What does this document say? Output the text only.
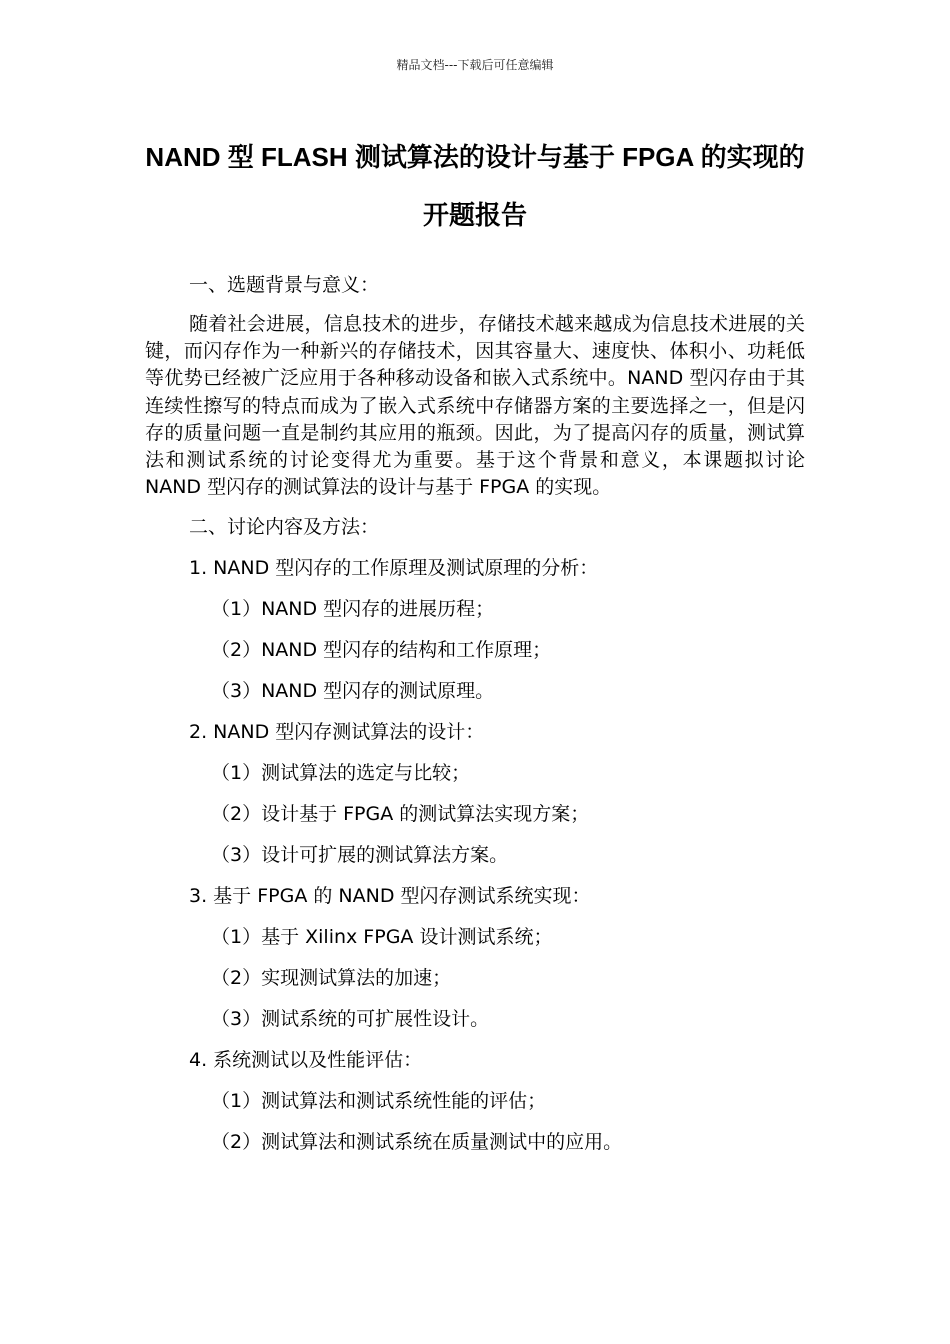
精品文档---下载后可任意编辑
NAND 型 FLASH 测试算法的设计与基于 FPGA 的实现的开题报告

一、选题背景与意义：

随着社会进展，信息技术的进步，存储技术越来越成为信息技术进展的关键，而闪存作为一种新兴的存储技术，因其容量大、速度快、体积小、功耗低等优势已经被广泛应用于各种移动设备和嵌入式系统中。NAND 型闪存由于其连续性擦写的特点而成为了嵌入式系统中存储器方案的主要选择之一，但是闪存的质量问题一直是制约其应用的瓶颈。因此，为了提高闪存的质量，测试算法和测试系统的讨论变得尤为重要。基于这个背景和意义，本课题拟讨论 NAND 型闪存的测试算法的设计与基于 FPGA 的实现。

二、讨论内容及方法：

1. NAND 型闪存的工作原理及测试原理的分析：

（1）NAND 型闪存的进展历程；

（2）NAND 型闪存的结构和工作原理；

（3）NAND 型闪存的测试原理。

2. NAND 型闪存测试算法的设计：

（1）测试算法的选定与比较；

（2）设计基于 FPGA 的测试算法实现方案；

（3）设计可扩展的测试算法方案。

3. 基于 FPGA 的 NAND 型闪存测试系统实现：

（1）基于 Xilinx FPGA 设计测试系统；

（2）实现测试算法的加速；

（3）测试系统的可扩展性设计。

4. 系统测试以及性能评估：

（1）测试算法和测试系统性能的评估；

（2）测试算法和测试系统在质量测试中的应用。
